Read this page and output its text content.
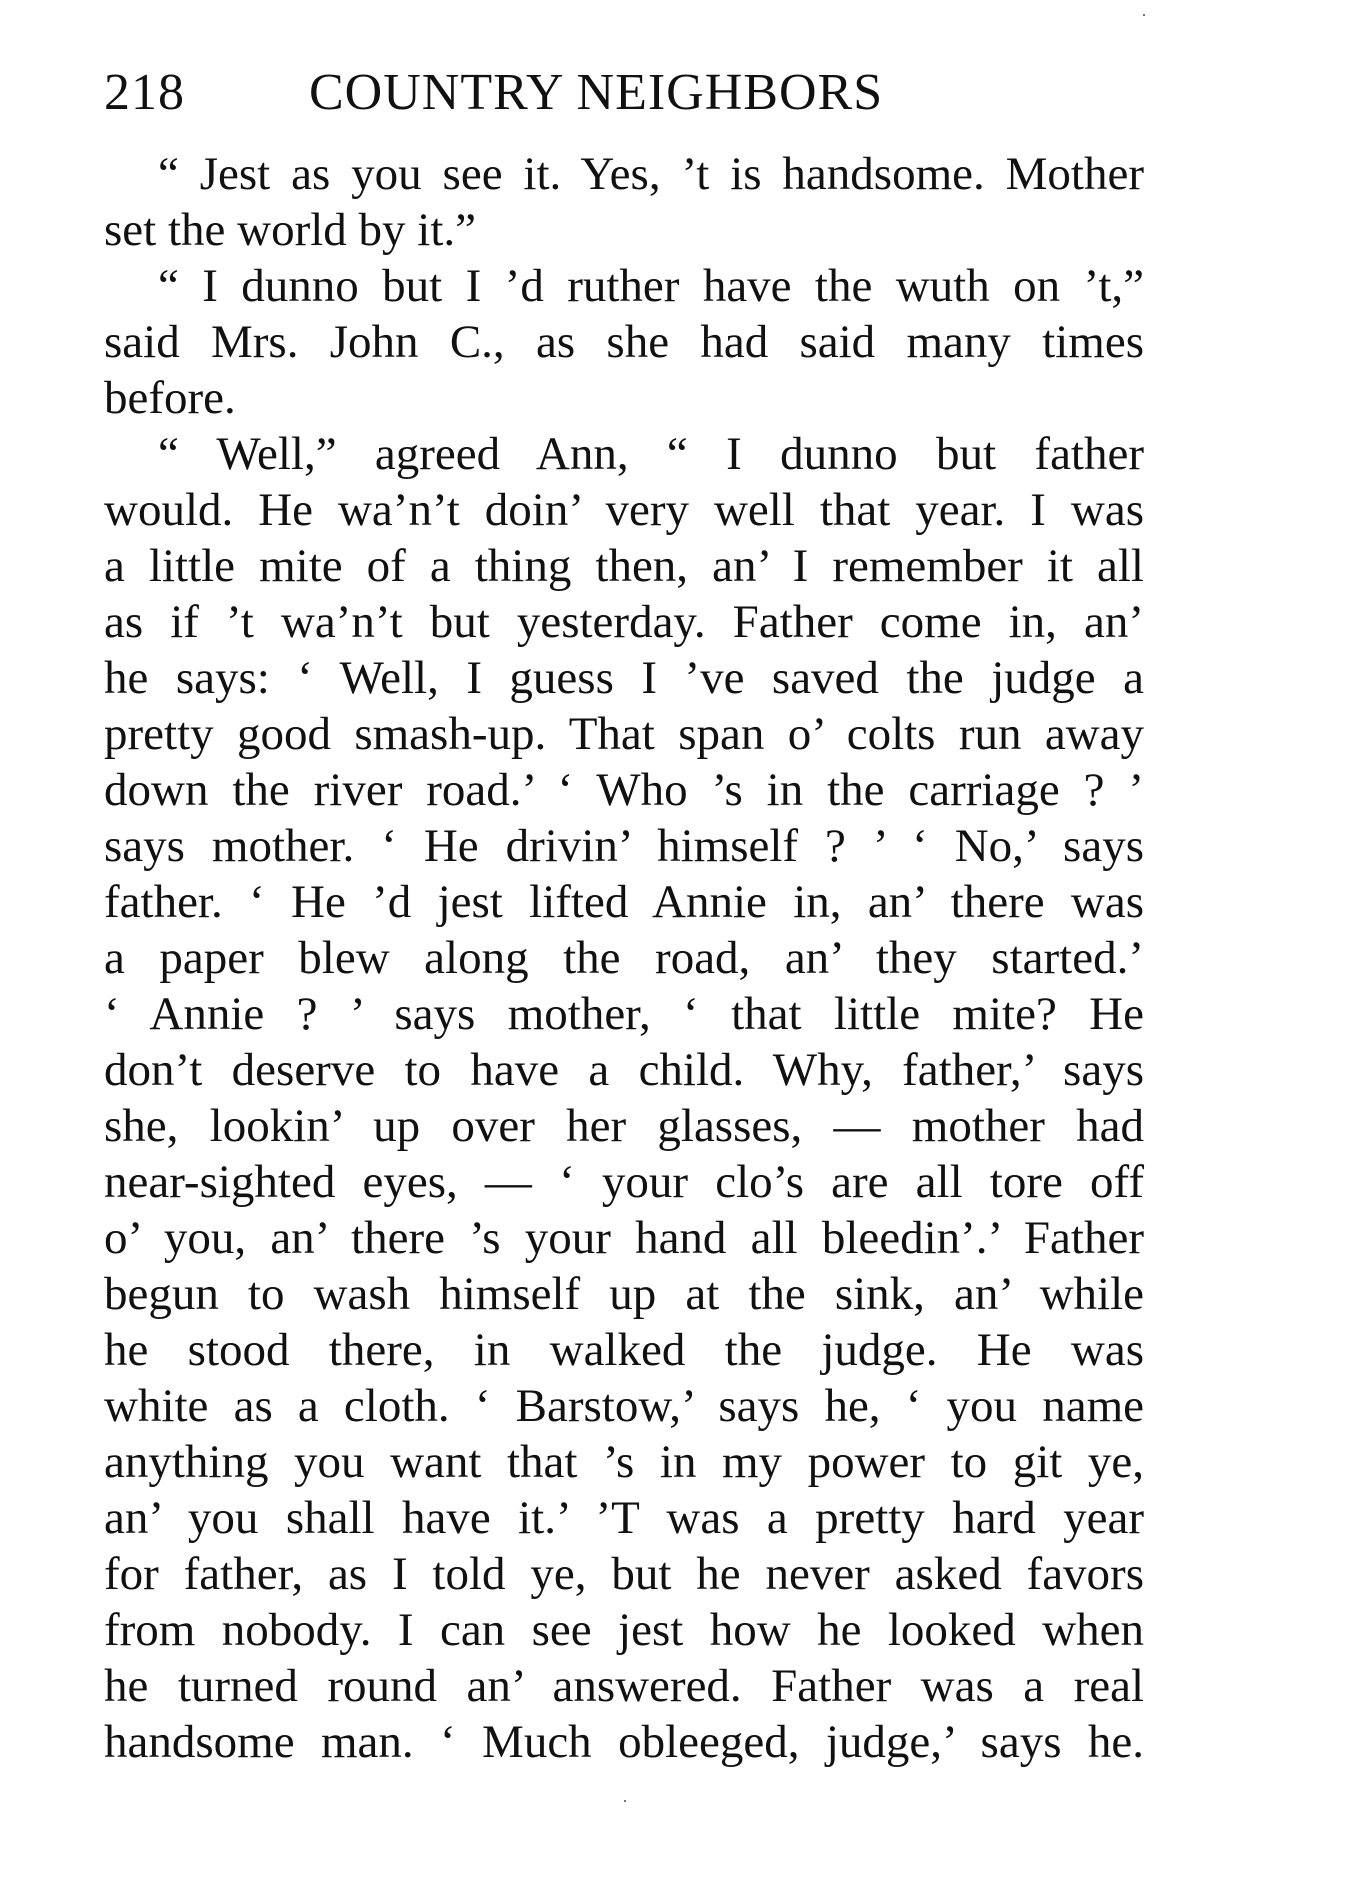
218 COUNTRY NEIGHBORS
“ Jest as you see it. Yes, ’t is handsome. Mother
set the world by it.”
“ I dunno but I ’d ruther have the wuth on ’t,”
said Mrs. John C., as she had said many times
before.
“ Well,” agreed Ann, “ I dunno but father
would. He wa’n’t doin’ very well that year. I was
a little mite of a thing then, an’ I remember it all
as if ’t wa’n’t but yesterday. Father come in, an’
he says: ‘ Well, I guess I ’ve saved the judge a
pretty good smash-up. That span o’ colts run away
down the river road.’ ‘ Who ’s in the carriage ? ’
says mother. ‘ He drivin’ himself ? ’ ‘ No,’ says
father. ‘ He ’d jest lifted Annie in, an’ there was
a paper blew along the road, an’ they started.’
‘ Annie ? ’ says mother, ‘ that little mite? He
don’t deserve to have a child. Why, father,’ says
she, lookin’ up over her glasses, — mother had
near-sighted eyes, — ‘ your clo’s are all tore off
o’ you, an’ there ’s your hand all bleedin’.’ Father
begun to wash himself up at the sink, an’ while
he stood there, in walked the judge. He was
white as a cloth. ‘ Barstow,’ says he, ‘ you name
anything you want that ’s in my power to git ye,
an’ you shall have it.’ ’T was a pretty hard year
for father, as I told ye, but he never asked favors
from nobody. I can see jest how he looked when
he turned round an’ answered. Father was a real
handsome man. ‘ Much obleeged, judge,’ says he.
